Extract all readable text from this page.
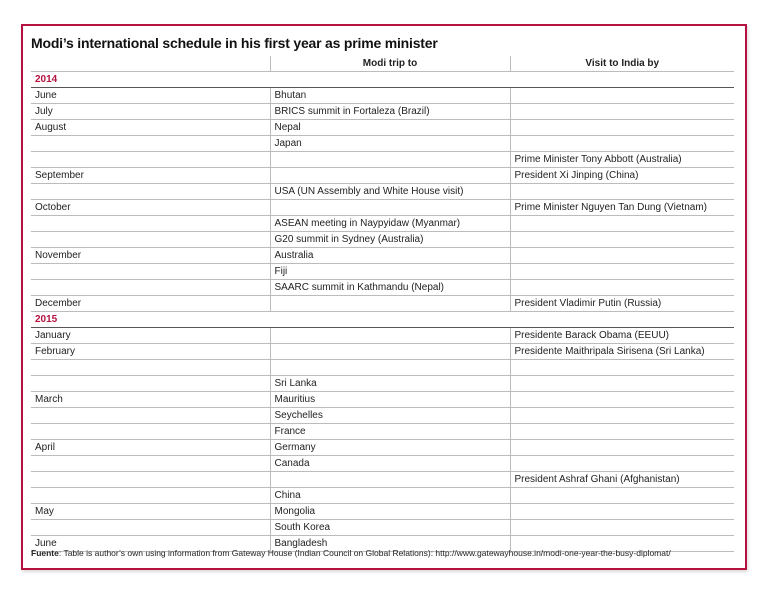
Modi’s international schedule in his first year as prime minister
	Modi trip to	Visit to India by
2014		
June	Bhutan	
July	BRICS summit in Fortaleza (Brazil)	
August	Nepal	
	Japan	
		Prime Minister Tony Abbott (Australia)
September		President Xi Jinping (China)
	USA (UN Assembly and White House visit)	
October		Prime Minister Nguyen Tan Dung (Vietnam)
	ASEAN meeting in Naypyidaw (Myanmar)	
	G20 summit in Sydney (Australia)	
November	Australia	
	Fiji	
	SAARC summit in Kathmandu (Nepal)	
December		President Vladimir Putin (Russia)
2015		
January		Presidente Barack Obama (EEUU)
February		Presidente Maithripala Sirisena (Sri Lanka)

	Sri Lanka	
March	Mauritius	
	Seychelles	
	France	
April	Germany	
	Canada	
		President Ashraf Ghani (Afghanistan)
	China	
May	Mongolia	
	South Korea	
June	Bangladesh	
Fuente: Table is author’s own using information from Gateway House (Indian Council on Global Relations): http://www.gatewayhouse.in/modi-one-year-the-busy-diplomat/
